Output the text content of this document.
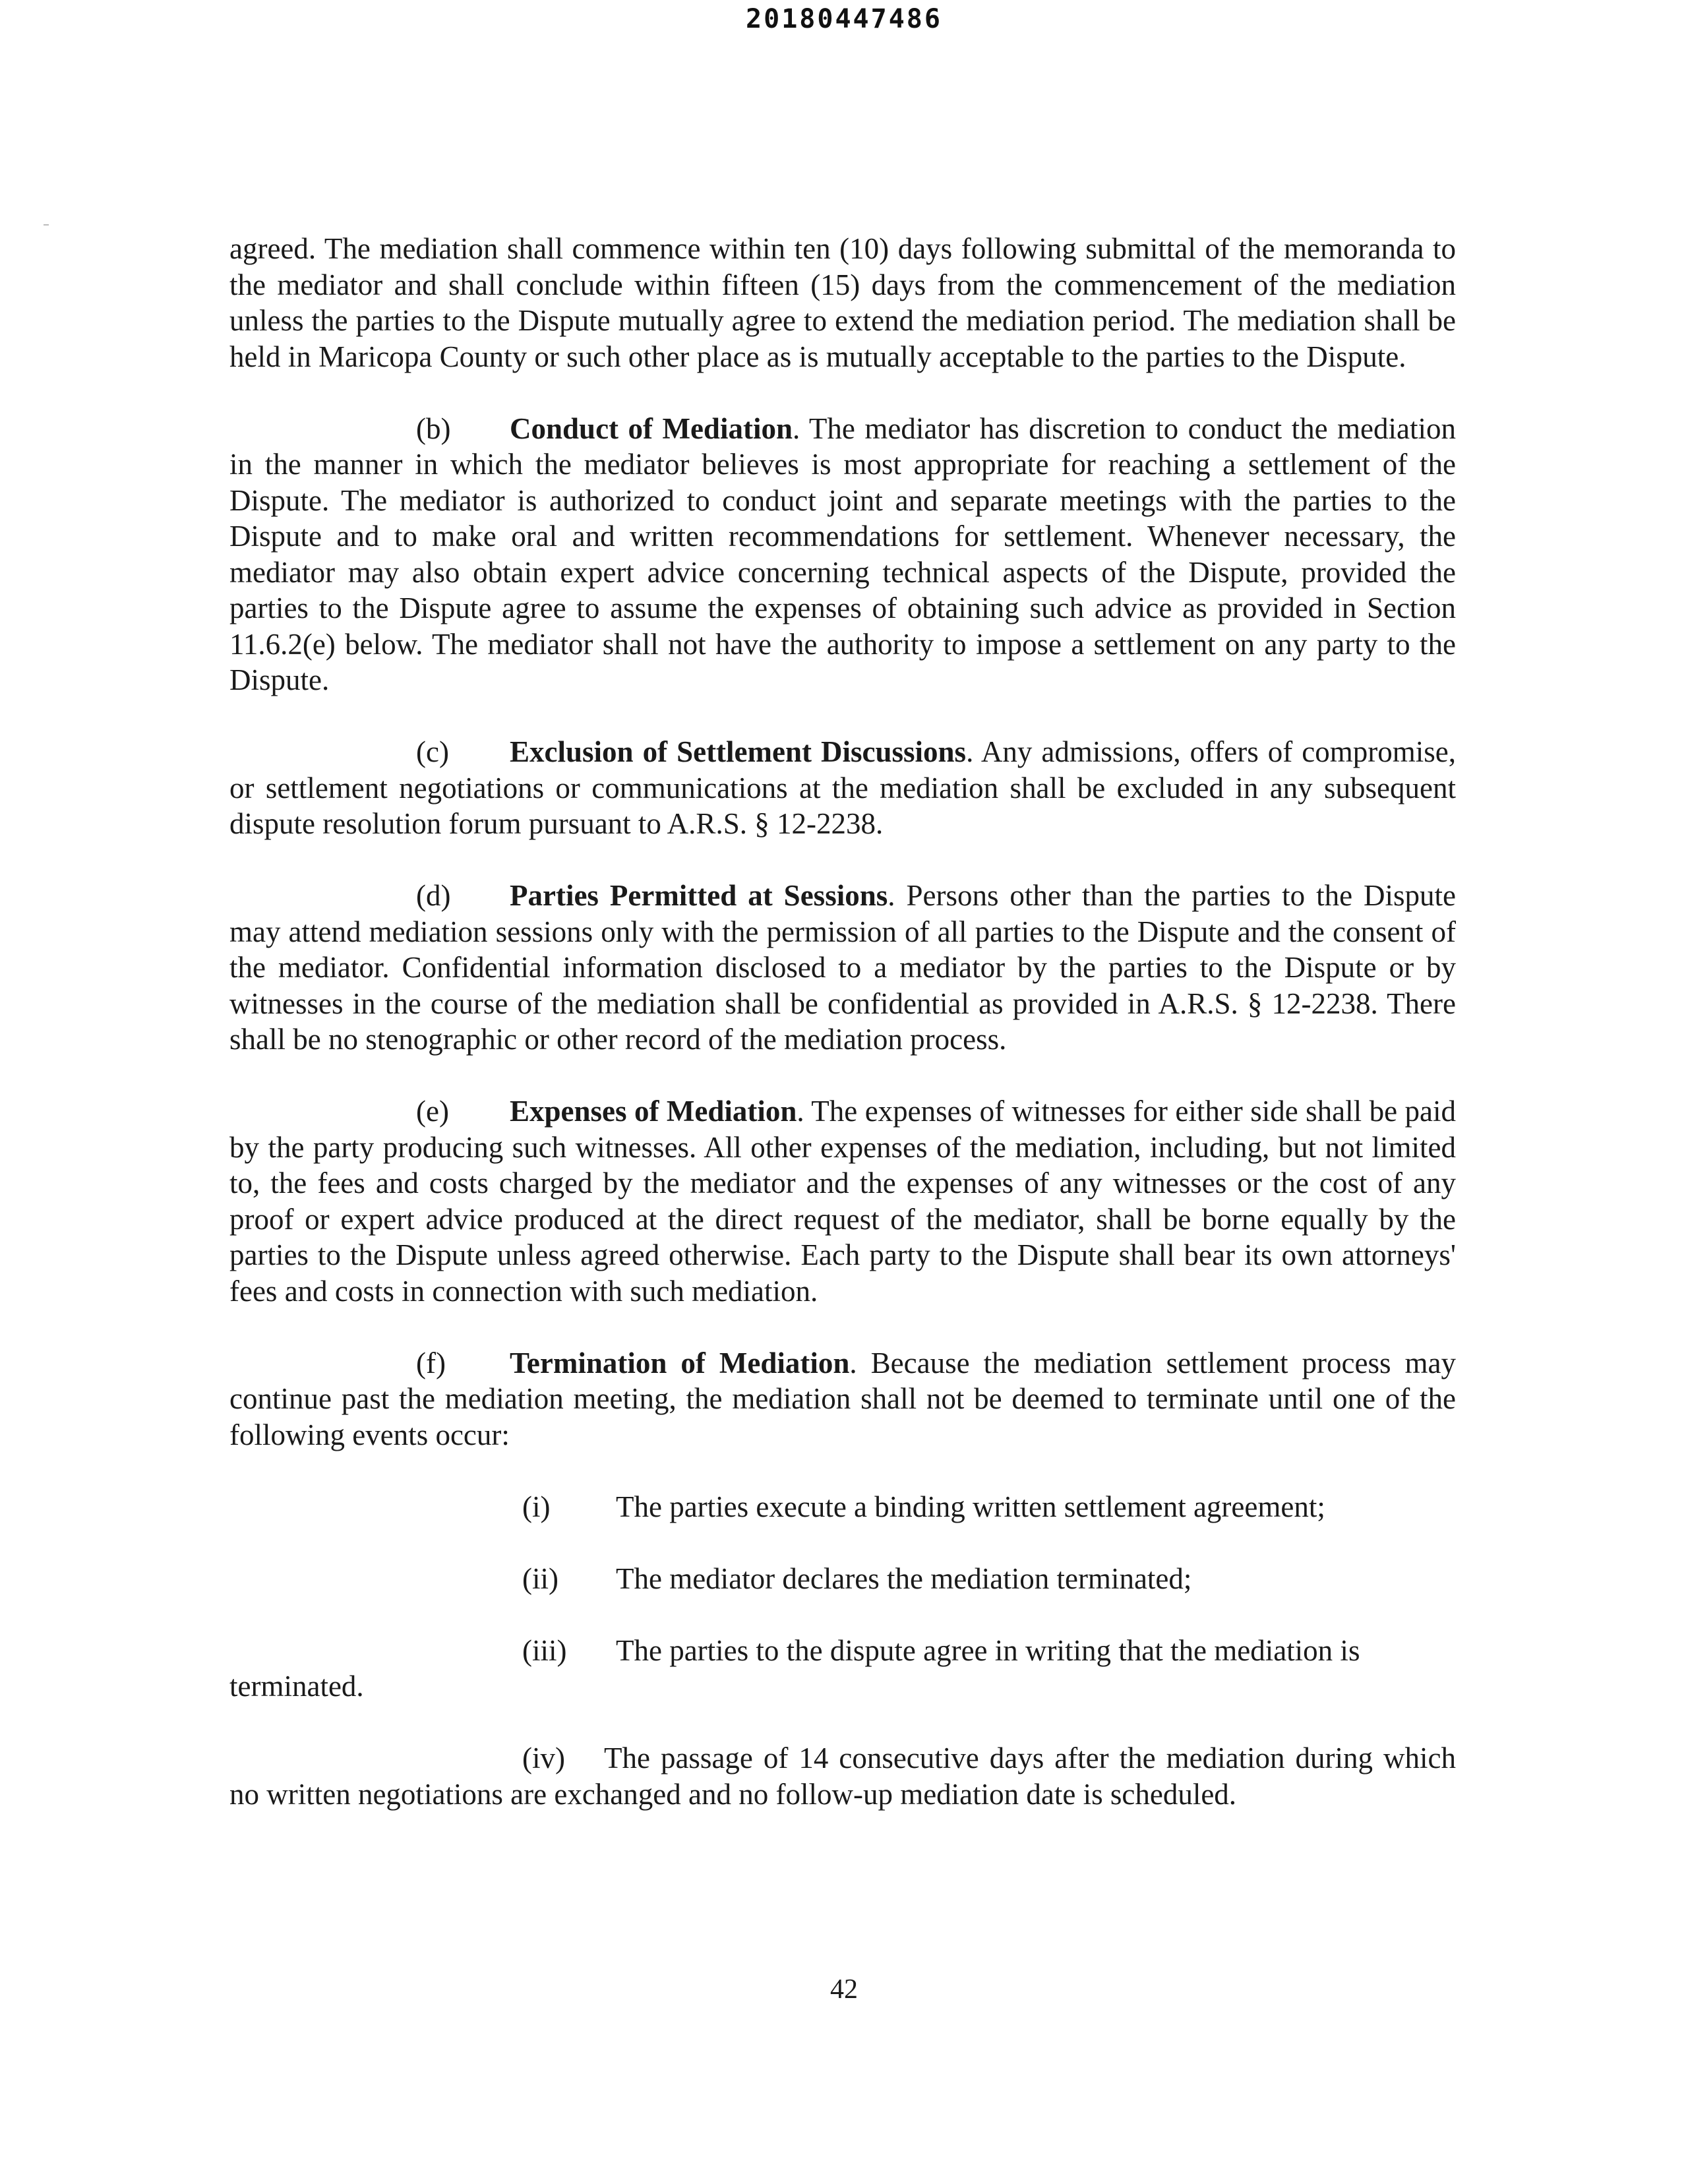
20180447486

agreed. The mediation shall commence within ten (10) days following submittal of the memoranda to the mediator and shall conclude within fifteen (15) days from the commencement of the mediation unless the parties to the Dispute mutually agree to extend the mediation period. The mediation shall be held in Maricopa County or such other place as is mutually acceptable to the parties to the Dispute.

(b) Conduct of Mediation. The mediator has discretion to conduct the mediation in the manner in which the mediator believes is most appropriate for reaching a settlement of the Dispute. The mediator is authorized to conduct joint and separate meetings with the parties to the Dispute and to make oral and written recommendations for settlement. Whenever necessary, the mediator may also obtain expert advice concerning technical aspects of the Dispute, provided the parties to the Dispute agree to assume the expenses of obtaining such advice as provided in Section 11.6.2(e) below. The mediator shall not have the authority to impose a settlement on any party to the Dispute.

(c) Exclusion of Settlement Discussions. Any admissions, offers of compromise, or settlement negotiations or communications at the mediation shall be excluded in any subsequent dispute resolution forum pursuant to A.R.S. § 12-2238.

(d) Parties Permitted at Sessions. Persons other than the parties to the Dispute may attend mediation sessions only with the permission of all parties to the Dispute and the consent of the mediator. Confidential information disclosed to a mediator by the parties to the Dispute or by witnesses in the course of the mediation shall be confidential as provided in A.R.S. § 12-2238. There shall be no stenographic or other record of the mediation process.

(e) Expenses of Mediation. The expenses of witnesses for either side shall be paid by the party producing such witnesses. All other expenses of the mediation, including, but not limited to, the fees and costs charged by the mediator and the expenses of any witnesses or the cost of any proof or expert advice produced at the direct request of the mediator, shall be borne equally by the parties to the Dispute unless agreed otherwise. Each party to the Dispute shall bear its own attorneys' fees and costs in connection with such mediation.

(f) Termination of Mediation. Because the mediation settlement process may continue past the mediation meeting, the mediation shall not be deemed to terminate until one of the following events occur:

(i)	The parties execute a binding written settlement agreement;
(ii)	The mediator declares the mediation terminated;
(iii)	The parties to the dispute agree in writing that the mediation is
terminated.

(iv) The passage of 14 consecutive days after the mediation during which no written negotiations are exchanged and no follow-up mediation date is scheduled.

42
